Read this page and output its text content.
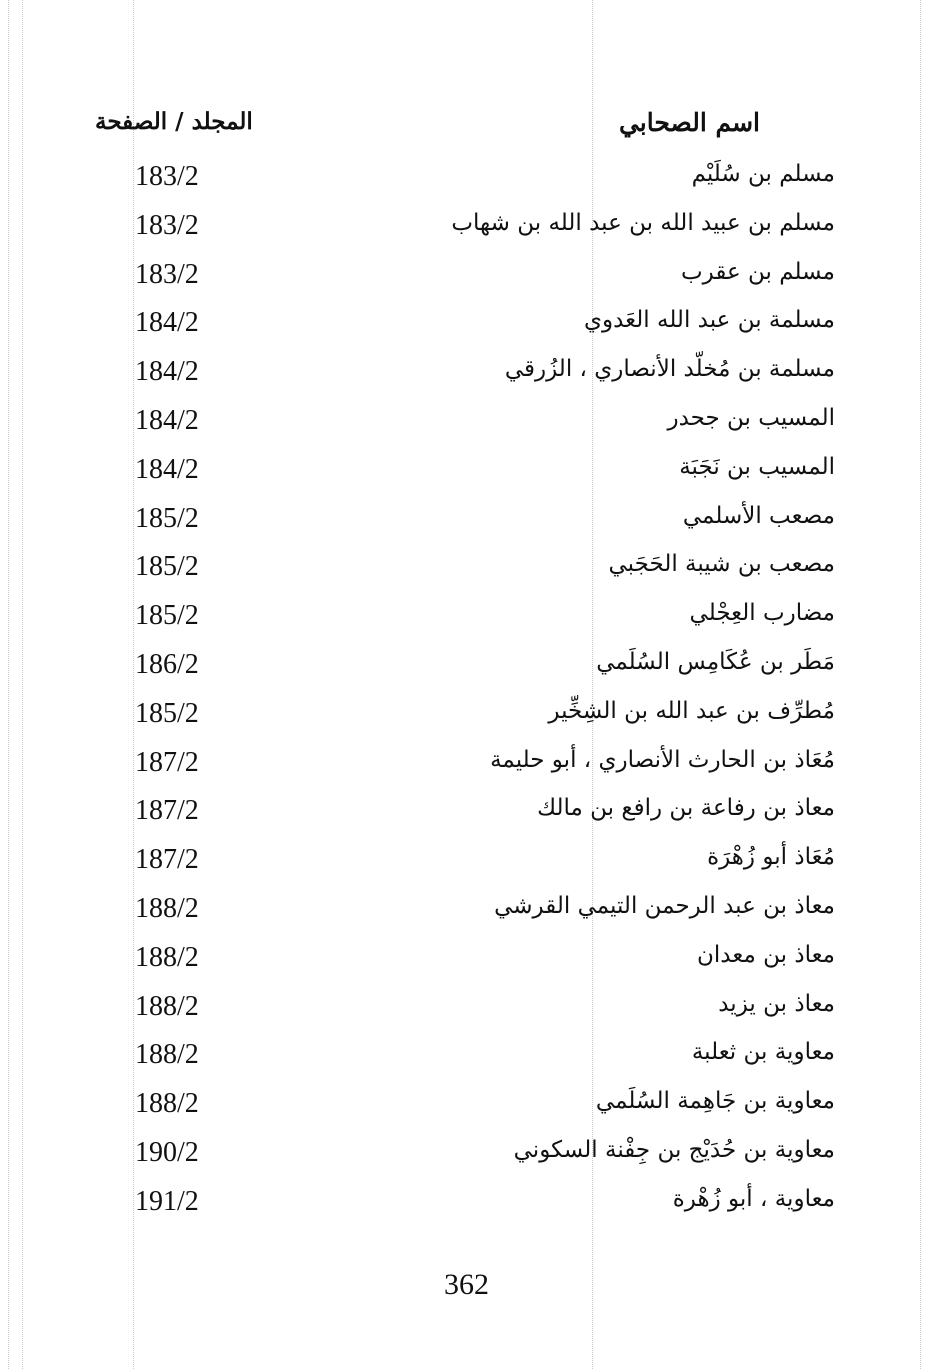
اسم الصحابي
المجلد / الصفحة
مسلم بن سُلَيْم
183/2
مسلم بن عبيد الله بن عبد الله بن شهاب
183/2
مسلم بن عقرب
183/2
مسلمة بن عبد الله العَدوي
184/2
مسلمة بن مُخلّد الأنصاري ، الزُرقي
184/2
المسيب بن جحدر
184/2
المسيب بن نَجَبَة
184/2
مصعب الأسلمي
185/2
مصعب بن شيبة الحَجَبي
185/2
مضارب العِجْلي
185/2
مَطَر بن عُكَامِس السُلَمي
186/2
مُطرِّف بن عبد الله بن الشِخِّير
185/2
مُعَاذ بن الحارث الأنصاري ، أبو حليمة
187/2
معاذ بن رفاعة بن رافع بن مالك
187/2
مُعَاذ أبو زُهْرَة
187/2
معاذ بن عبد الرحمن التيمي القرشي
188/2
معاذ بن معدان
188/2
معاذ بن يزيد
188/2
معاوية بن ثعلبة
188/2
معاوية بن جَاهِمة السُلَمي
188/2
معاوية بن حُدَيْج بن جِفْنة السكوني
190/2
معاوية ، أبو زُهْرة
191/2
362
